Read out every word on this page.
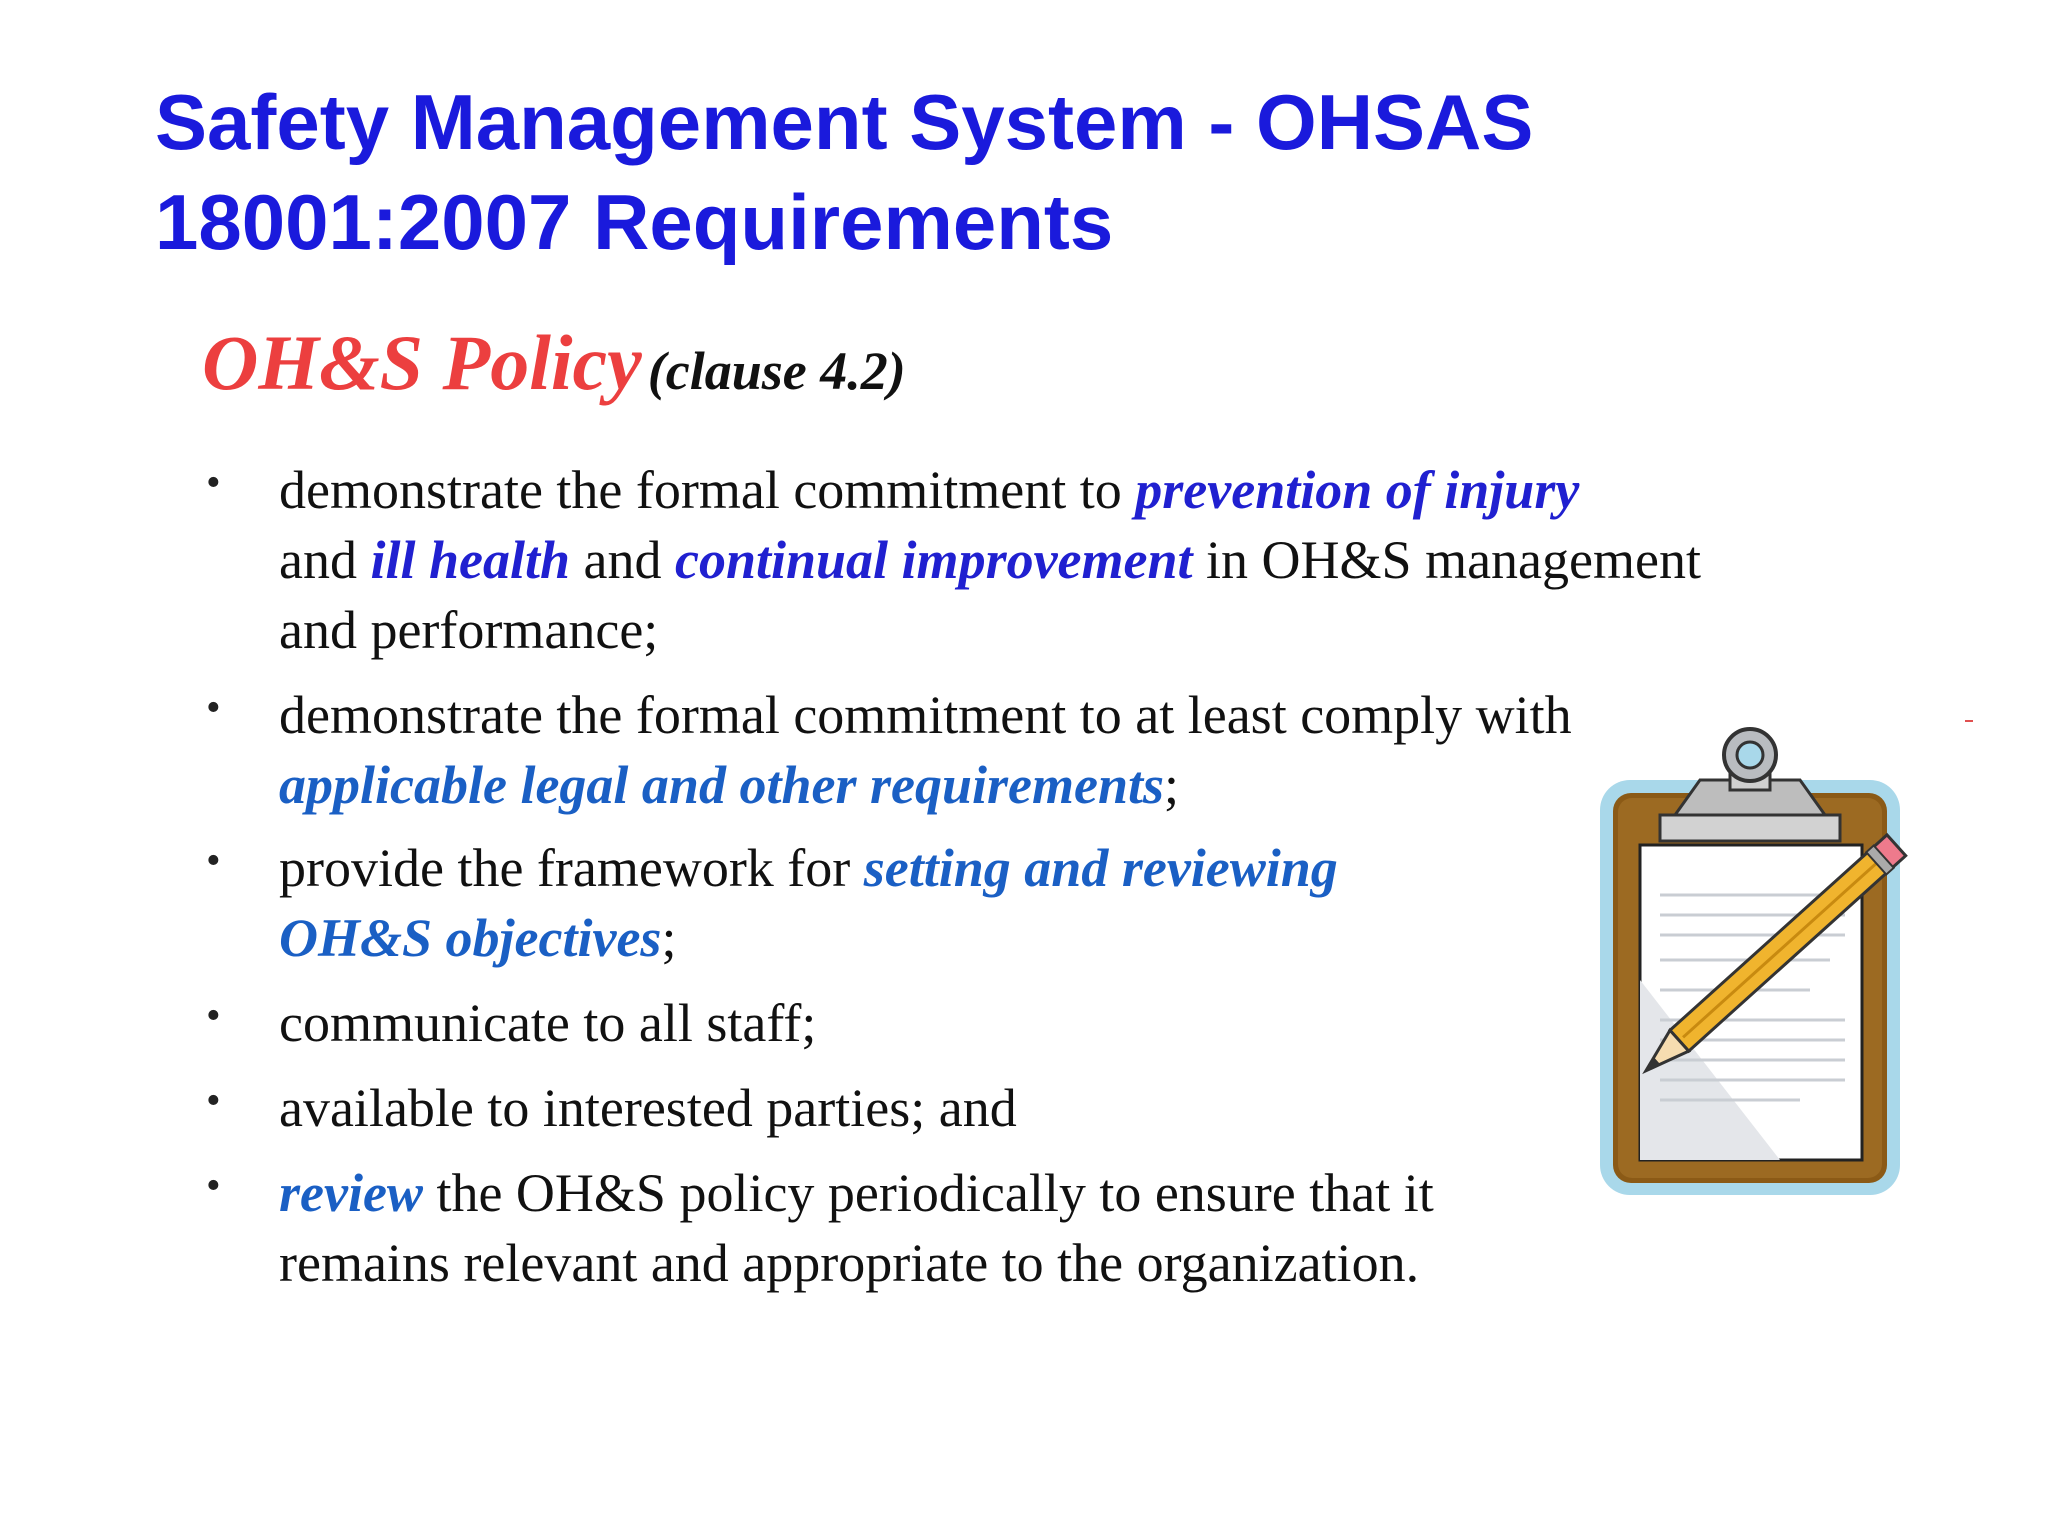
Safety Management System - OHSAS
18001:2007 Requirements
OH&S Policy (clause 4.2)
• demonstrate the formal commitment to prevention of injury
and ill health and continual improvement in OH&S management
and performance;
• demonstrate the formal commitment to at least comply with
applicable legal and other requirements;
• provide the framework for setting and reviewing
OH&S objectives;
• communicate to all staff;
• available to interested parties; and
• review the OH&S policy periodically to ensure that it
remains relevant and appropriate to the organization.
